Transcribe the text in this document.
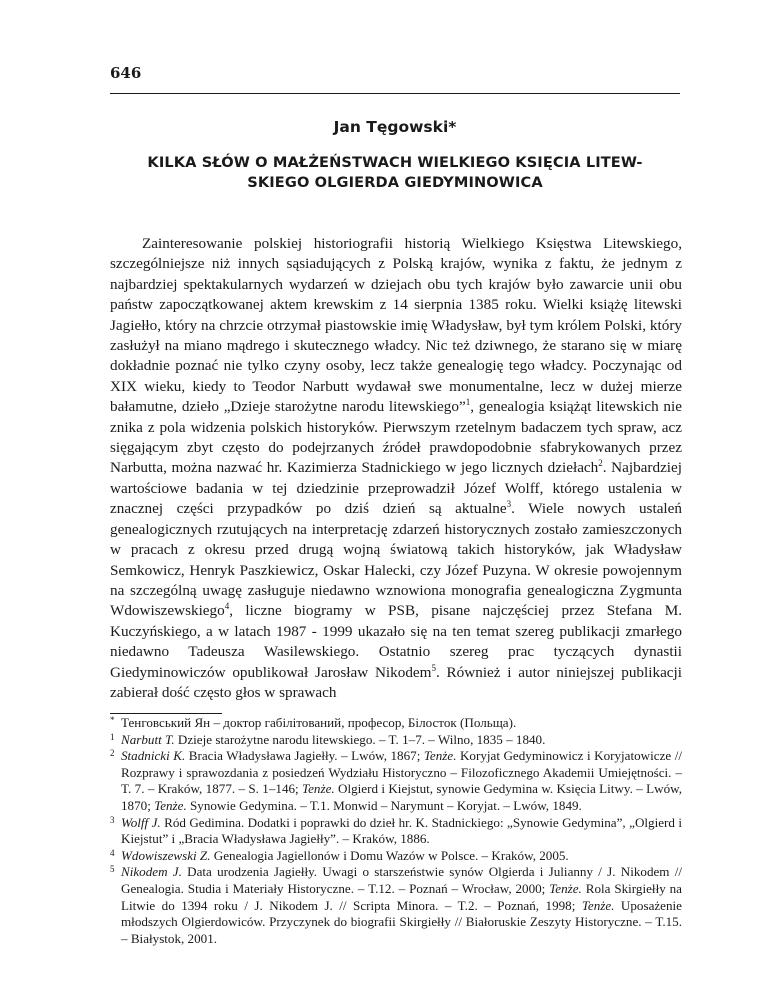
646
Jan Tęgowski*
KILKA SŁÓW O MAŁŻEŃSTWACH WIELKIEGO KSIĘCIA LITEW-
SKIEGO OLGIERDA GIEDYMINOWICA

Zainteresowanie polskiej historiografii historią Wielkiego Księstwa Litewskiego, szczególniejsze niż innych sąsiadujących z Polską krajów, wynika z faktu, że jednym z najbardziej spektakularnych wydarzeń w dziejach obu tych krajów było zawarcie unii obu państw zapoczątkowanej aktem krewskim z 14 sierpnia 1385 roku. Wielki książę litewski Jagiełło, który na chrzcie otrzymał piastowskie imię Władysław, był tym królem Polski, który zasłużył na miano mądrego i skutecznego władcy. Nic też dziwnego, że starano się w miarę dokładnie poznać nie tylko czyny osoby, lecz także genealogię tego władcy. Poczynając od XIX wieku, kiedy to Teodor Narbutt wydawał swe monumentalne, lecz w dużej mierze bałamutne, dzieło „Dzieje starożytne narodu litewskiego”$^1$, genealogia książąt litewskich nie znika z pola widzenia polskich historyków. Pierwszym rzetelnym badaczem tych spraw, acz sięgającym zbyt często do podejrzanych źródeł prawdopodobnie sfabrykowanych przez Narbutta, można nazwać hr. Kazimierza Stadnickiego w jego licznych dziełach$^2$. Najbardziej wartościowe badania w tej dziedzinie przeprowadził Józef Wolff, którego ustalenia w znacznej części przypadków po dziś dzień są aktualne$^3$. Wiele nowych ustaleń genealogicznych rzutujących na interpretację zdarzeń historycznych zostało zamieszczonych w pracach z okresu przed drugą wojną światową takich historyków, jak Władysław Semkowicz, Henryk Paszkiewicz, Oskar Halecki, czy Józef Puzyna. W okresie powojennym na szczególną uwagę zasługuje niedawno wznowiona monografia genealogiczna Zygmunta Wdowiszewskiego$^4$, liczne biogramy w PSB, pisane najczęściej przez Stefana M. Kuczyńskiego, a w latach 1987 - 1999 ukazało się na ten temat szereg publikacji zmarłego niedawno Tadeusza Wasilewskiego. Ostatnio szereg prac tyczących dynastii Giedyminowiczów opublikował Jarosław Nikodem$^5$. Również i autor niniejszej publikacji zabierał dość często głos w sprawach

* Тенговський Ян – доктор габілітований, професор, Білосток (Польща).
1 Narbutt T. Dzieje starożytne narodu litewskiego. – T. 1–7. – Wilno, 1835 – 1840.
2 Stadnicki K. Bracia Władysława Jagiełły. – Lwów, 1867; Tenże. Koryjat Gedyminowicz i Koryjatowicze // Rozprawy i sprawozdania z posiedzeń Wydziału Historyczno – Filozoficznego Akademii Umiejętności. – T. 7. – Kraków, 1877. – S. 1–146; Tenże. Olgierd i Kiejstut, synowie Gedymina w. Księcia Litwy. – Lwów, 1870; Tenże. Synowie Gedymina. – T.1. Monwid – Narymunt – Koryjat. – Lwów, 1849.
3 Wolff J. Ród Gedimina. Dodatki i poprawki do dzieł hr. K. Stadnickiego: „Synowie Gedymina”, „Olgierd i Kiejstut” i „Bracia Władysława Jagiełły”. – Kraków, 1886.
4 Wdowiszewski Z. Genealogia Jagiellonów i Domu Wazów w Polsce. – Kraków, 2005.
5 Nikodem J. Data urodzenia Jagiełły. Uwagi o starszeństwie synów Olgierda i Julianny / J. Nikodem // Genealogia. Studia i Materiały Historyczne. – T.12. – Poznań – Wrocław, 2000; Tenże. Rola Skirgiełły na Litwie do 1394 roku / J. Nikodem J. // Scripta Minora. – T.2. – Poznań, 1998; Tenże. Uposażenie młodszych Olgierdowiców. Przyczynek do biografii Skirgiełły // Białoruskie Zeszyty Historyczne. – T.15. – Białystok, 2001.
